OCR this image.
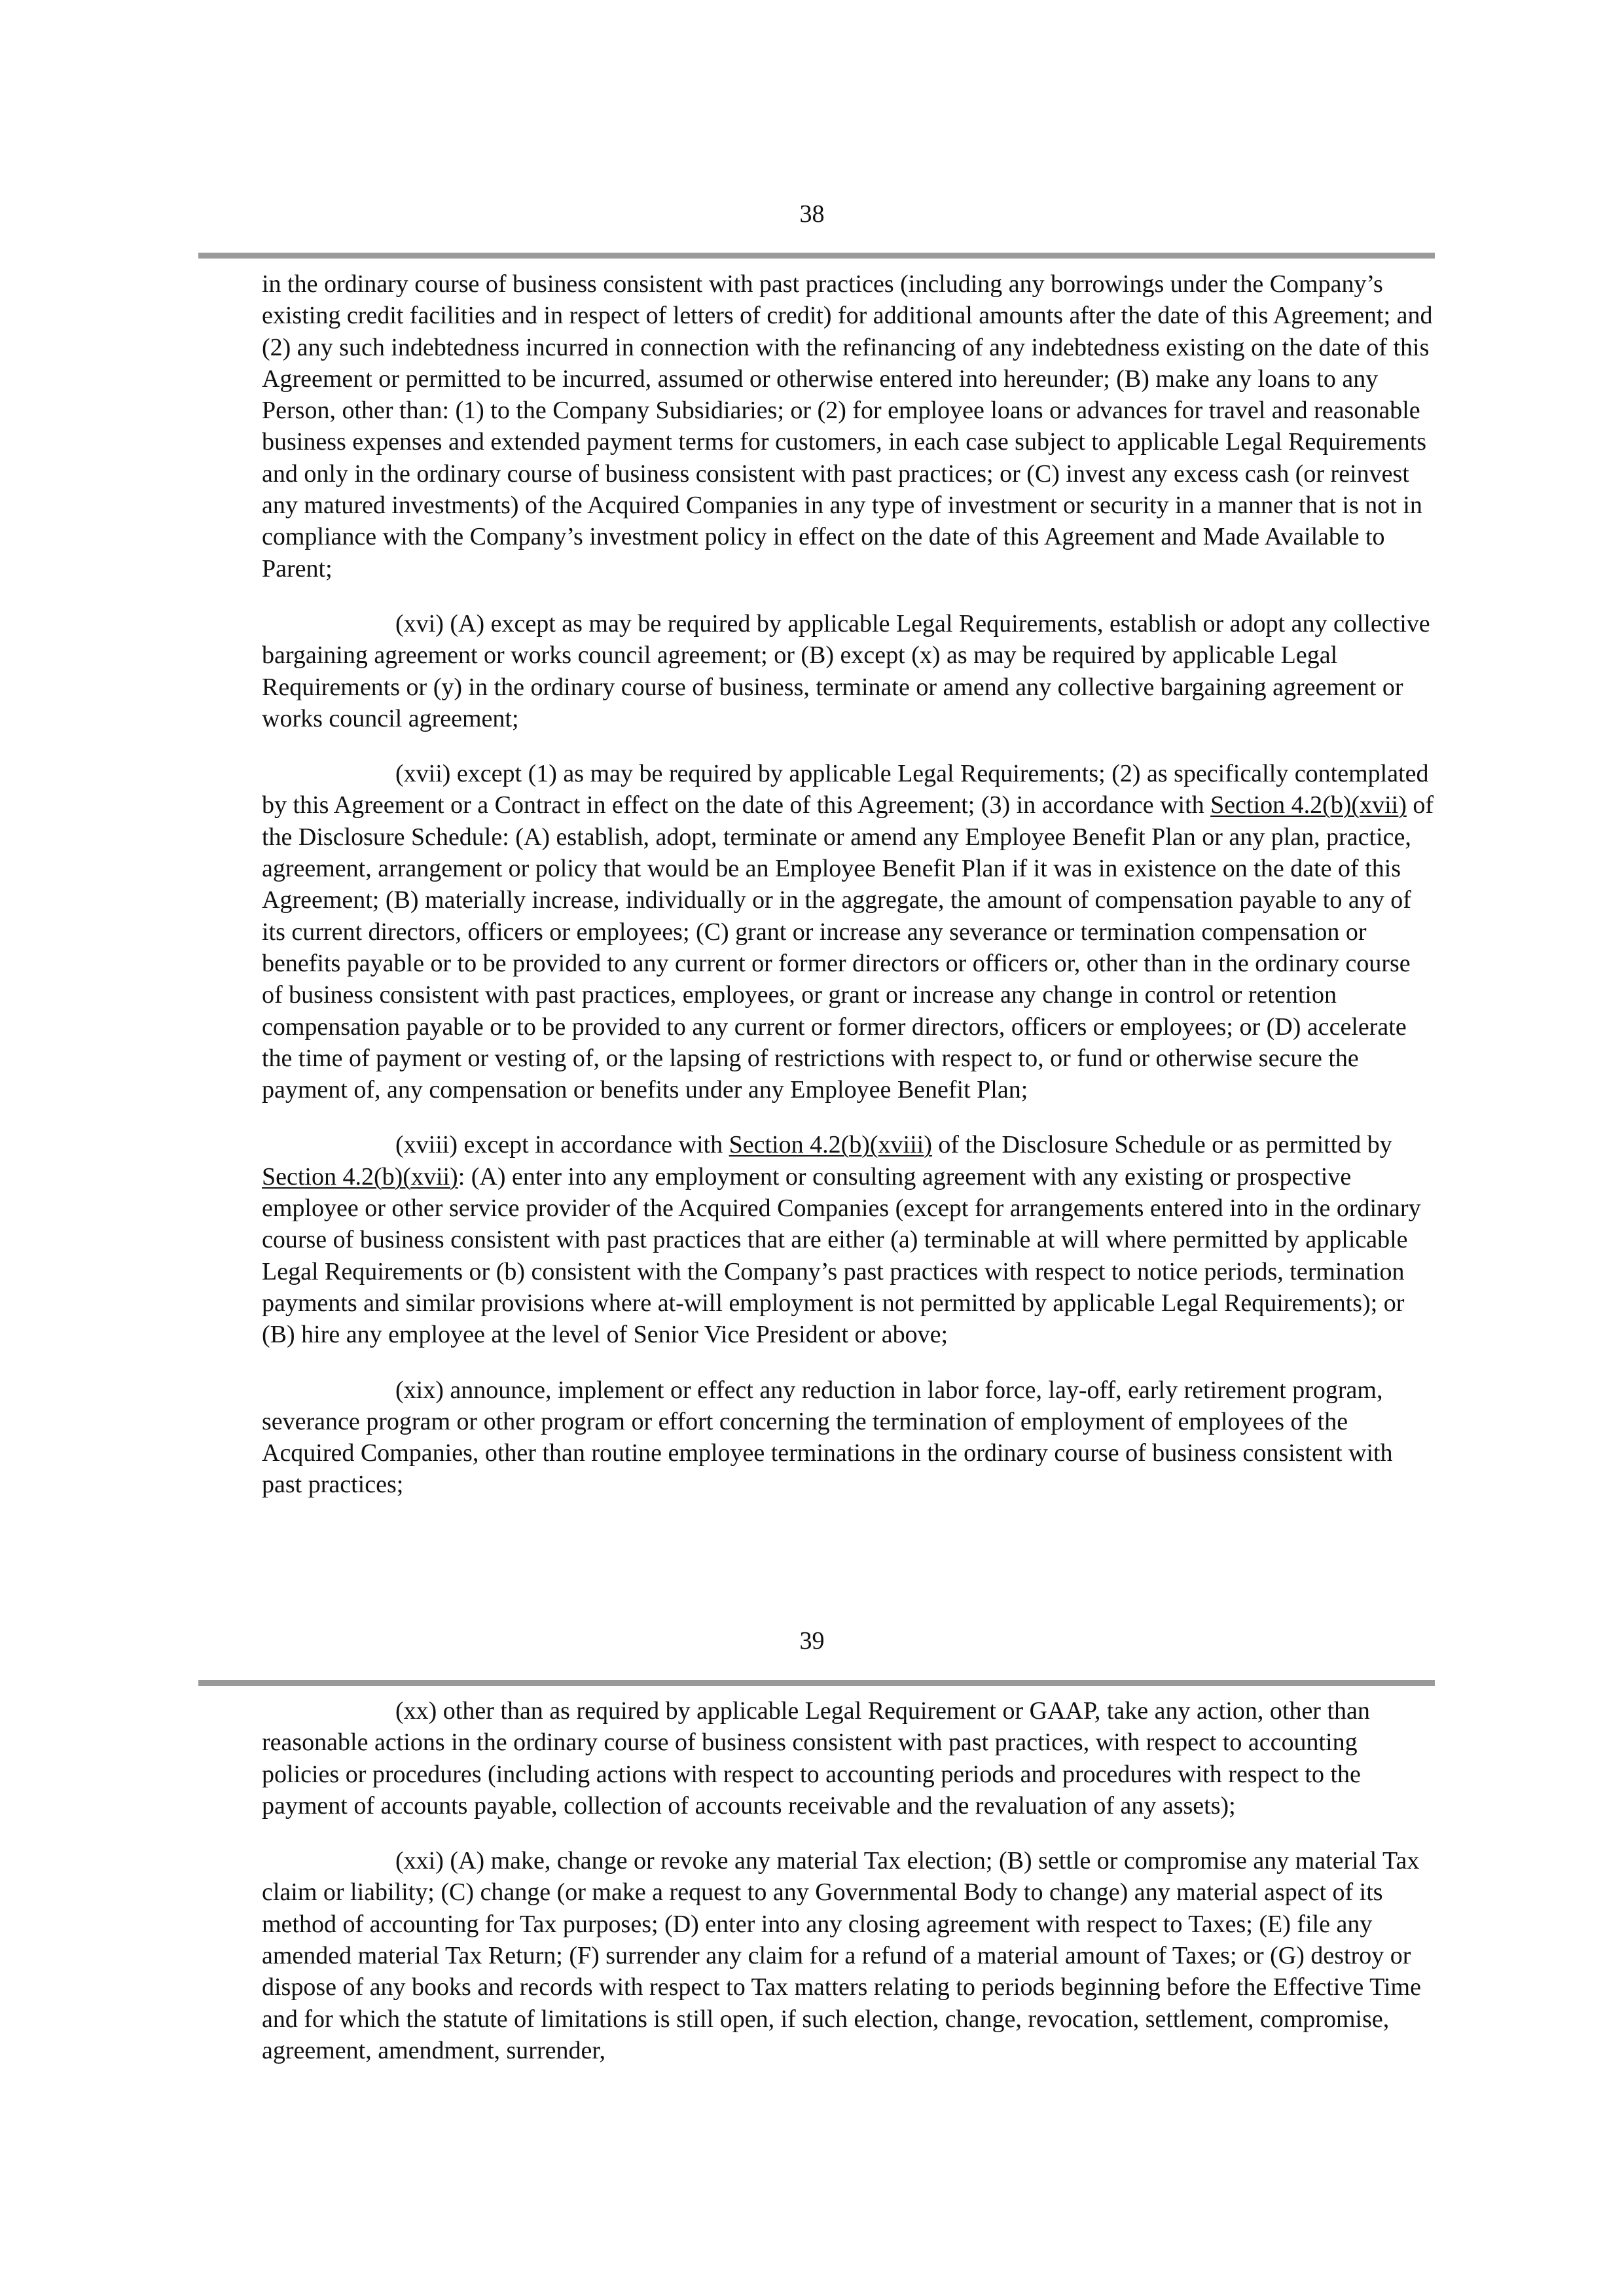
38

in the ordinary course of business consistent with past practices (including any borrowings under the Company’s existing credit facilities and in respect of letters of credit) for additional amounts after the date of this Agreement; and (2) any such indebtedness incurred in connection with the refinancing of any indebtedness existing on the date of this Agreement or permitted to be incurred, assumed or otherwise entered into hereunder; (B) make any loans to any Person, other than: (1) to the Company Subsidiaries; or (2) for employee loans or advances for travel and reasonable business expenses and extended payment terms for customers, in each case subject to applicable Legal Requirements and only in the ordinary course of business consistent with past practices; or (C) invest any excess cash (or reinvest any matured investments) of the Acquired Companies in any type of investment or security in a manner that is not in compliance with the Company’s investment policy in effect on the date of this Agreement and Made Available to Parent;

(xvi) (A) except as may be required by applicable Legal Requirements, establish or adopt any collective bargaining agreement or works council agreement; or (B) except (x) as may be required by applicable Legal Requirements or (y) in the ordinary course of business, terminate or amend any collective bargaining agreement or works council agreement;

(xvii) except (1) as may be required by applicable Legal Requirements; (2) as specifically contemplated by this Agreement or a Contract in effect on the date of this Agreement; (3) in accordance with Section 4.2(b)(xvii) of the Disclosure Schedule: (A) establish, adopt, terminate or amend any Employee Benefit Plan or any plan, practice, agreement, arrangement or policy that would be an Employee Benefit Plan if it was in existence on the date of this Agreement; (B) materially increase, individually or in the aggregate, the amount of compensation payable to any of its current directors, officers or employees; (C) grant or increase any severance or termination compensation or benefits payable or to be provided to any current or former directors or officers or, other than in the ordinary course of business consistent with past practices, employees, or grant or increase any change in control or retention compensation payable or to be provided to any current or former directors, officers or employees; or (D) accelerate the time of payment or vesting of, or the lapsing of restrictions with respect to, or fund or otherwise secure the payment of, any compensation or benefits under any Employee Benefit Plan;

(xviii) except in accordance with Section 4.2(b)(xviii) of the Disclosure Schedule or as permitted by Section 4.2(b)(xvii): (A) enter into any employment or consulting agreement with any existing or prospective employee or other service provider of the Acquired Companies (except for arrangements entered into in the ordinary course of business consistent with past practices that are either (a) terminable at will where permitted by applicable Legal Requirements or (b) consistent with the Company’s past practices with respect to notice periods, termination payments and similar provisions where at-will employment is not permitted by applicable Legal Requirements); or (B) hire any employee at the level of Senior Vice President or above;

(xix) announce, implement or effect any reduction in labor force, lay-off, early retirement program, severance program or other program or effort concerning the termination of employment of employees of the Acquired Companies, other than routine employee terminations in the ordinary course of business consistent with past practices;

39

(xx) other than as required by applicable Legal Requirement or GAAP, take any action, other than reasonable actions in the ordinary course of business consistent with past practices, with respect to accounting policies or procedures (including actions with respect to accounting periods and procedures with respect to the payment of accounts payable, collection of accounts receivable and the revaluation of any assets);

(xxi) (A) make, change or revoke any material Tax election; (B) settle or compromise any material Tax claim or liability; (C) change (or make a request to any Governmental Body to change) any material aspect of its method of accounting for Tax purposes; (D) enter into any closing agreement with respect to Taxes; (E) file any amended material Tax Return; (F) surrender any claim for a refund of a material amount of Taxes; or (G) destroy or dispose of any books and records with respect to Tax matters relating to periods beginning before the Effective Time and for which the statute of limitations is still open, if such election, change, revocation, settlement, compromise, agreement, amendment, surrender,
